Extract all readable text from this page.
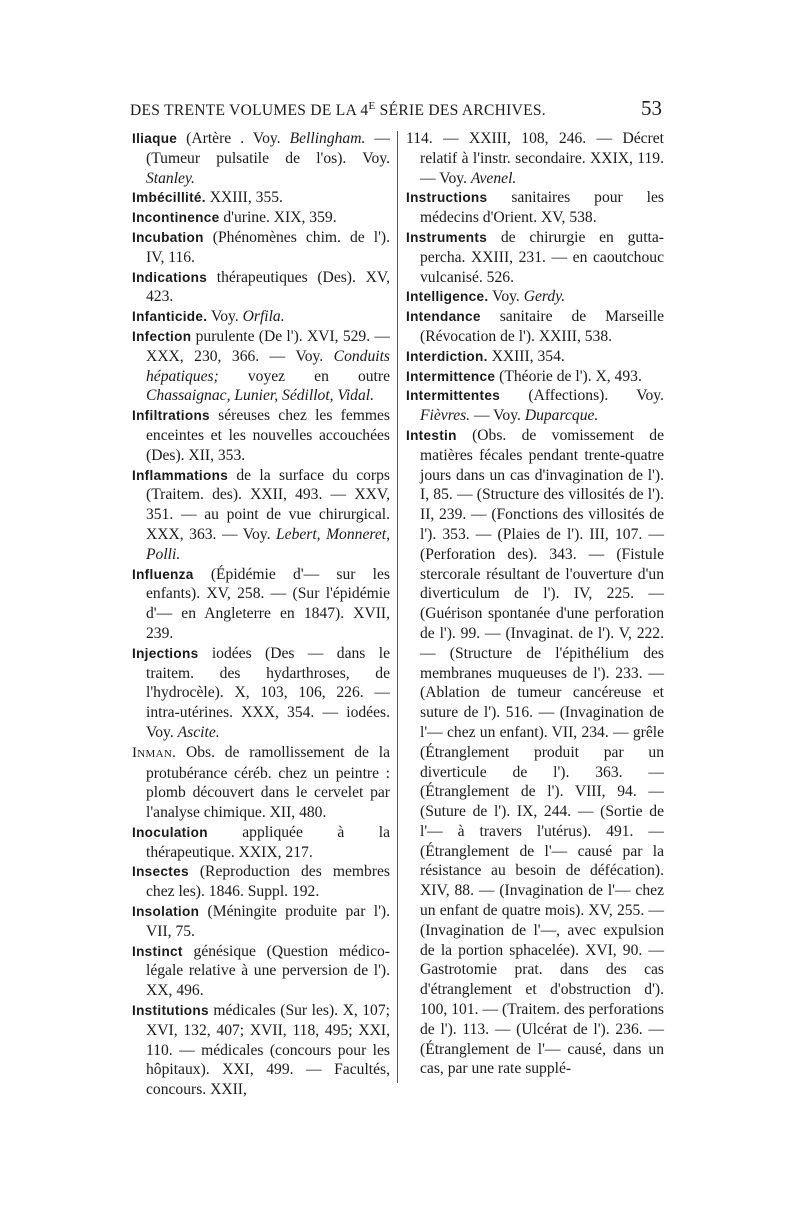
DES TRENTE VOLUMES DE LA $4^E$ SÉRIE DES ARCHIVES.	53

Iliaque (Artère . Voy. Bellingham. — (Tumeur pulsatile de l'os). Voy. Stanley.

Imbécillité. XXIII, 355.

Incontinence d'urine. XIX, 359.

Incubation (Phénomènes chim. de l'). IV, 116.

Indications thérapeutiques (Des). XV, 423.

Infanticide. Voy. Orfila.

Infection purulente (De l'). XVI, 529. — XXX, 230, 366. — Voy. Conduits hépatiques; voyez en outre Chassaignac, Lunier, Sédillot, Vidal.

Infiltrations séreuses chez les femmes enceintes et les nouvelles accouchées (Des). XII, 353.

Inflammations de la surface du corps (Traitem. des). XXII, 493. — XXV, 351. — au point de vue chirurgical. XXX, 363. — Voy. Lebert, Monneret, Polli.

Influenza (Épidémie d'— sur les enfants). XV, 258. — (Sur l'épidémie d'— en Angleterre en 1847). XVII, 239.

Injections iodées (Des — dans le traitem. des hydarthroses, de l'hydrocèle). X, 103, 106, 226. — intra-utérines. XXX, 354. — iodées. Voy. Ascite.

Inman. Obs. de ramollissement de la protubérance céréb. chez un peintre : plomb découvert dans le cervelet par l'analyse chimique. XII, 480.

Inoculation appliquée à la thérapeutique. XXIX, 217.

Insectes (Reproduction des membres chez les). 1846. Suppl. 192.

Insolation (Méningite produite par l'). VII, 75.

Instinct génésique (Question médico-légale relative à une perversion de l'). XX, 496.

Institutions médicales (Sur les). X, 107; XVI, 132, 407; XVII, 118, 495; XXI, 110. — médicales (concours pour les hôpitaux). XXI, 499. — Facultés, concours. XXII,

114. — XXIII, 108, 246. — Décret relatif à l'instr. secondaire. XXIX, 119. — Voy. Avenel.

Instructions sanitaires pour les médecins d'Orient. XV, 538.

Instruments de chirurgie en gutta-percha. XXIII, 231. — en caoutchouc vulcanisé. 526.

Intelligence. Voy. Gerdy.

Intendance sanitaire de Marseille (Révocation de l'). XXIII, 538.

Interdiction. XXIII, 354.

Intermittence (Théorie de l'). X, 493.

Intermittentes (Affections). Voy. Fièvres. — Voy. Duparcque.

Intestin (Obs. de vomissement de matières fécales pendant trente-quatre jours dans un cas d'invagination de l'). I, 85. — (Structure des villosités de l'). II, 239. — (Fonctions des villosités de l'). 353. — (Plaies de l'). III, 107. — (Perforation des). 343. — (Fistule stercorale résultant de l'ouverture d'un diverticulum de l'). IV, 225. — (Guérison spontanée d'une perforation de l'). 99. — (Invaginat. de l'). V, 222. — (Structure de l'épithélium des membranes muqueuses de l'). 233. — (Ablation de tumeur cancéreuse et suture de l'). 516. — (Invagination de l'— chez un enfant). VII, 234. — grêle (Étranglement produit par un diverticule de l'). 363. — (Étranglement de l'). VIII, 94. — (Suture de l'). IX, 244. — (Sortie de l'— à travers l'utérus). 491. — (Étranglement de l'— causé par la résistance au besoin de défécation). XIV, 88. — (Invagination de l'— chez un enfant de quatre mois). XV, 255. — (Invagination de l'—, avec expulsion de la portion sphacelée). XVI, 90. — Gastrotomie prat. dans des cas d'étranglement et d'obstruction d'). 100, 101. — (Traitem. des perforations de l'). 113. — (Ulcérat de l'). 236. — (Étranglement de l'— causé, dans un cas, par une rate supplé-
